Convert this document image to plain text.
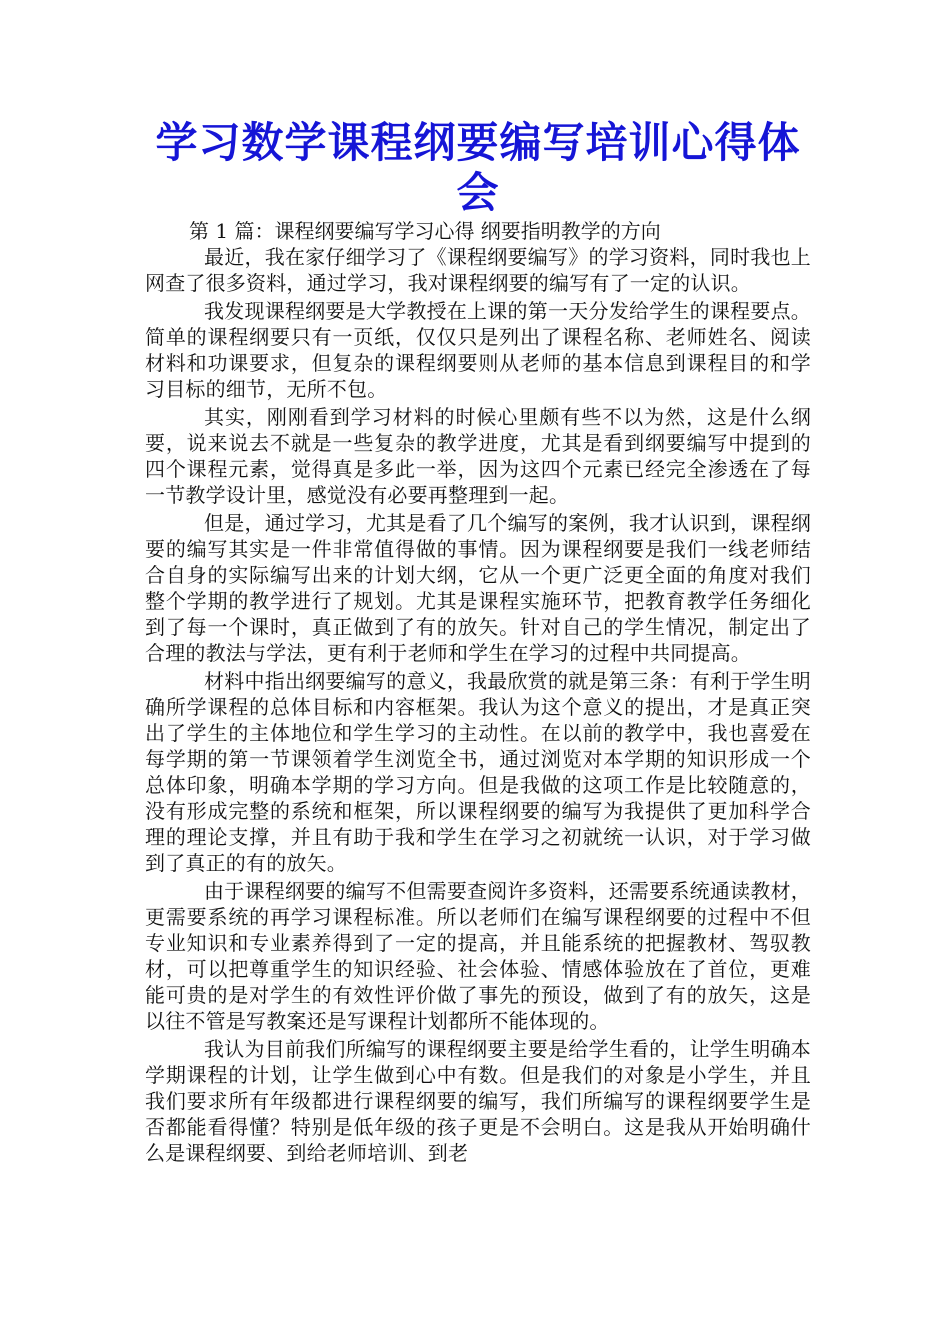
学习数学课程纲要编写培训心得体会

第 1 篇：课程纲要编写学习心得 纲要指明教学的方向

最近，我在家仔细学习了《课程纲要编写》的学习资料，同时我也上网查了很多资料，通过学习，我对课程纲要的编写有了一定的认识。

我发现课程纲要是大学教授在上课的第一天分发给学生的课程要点。简单的课程纲要只有一页纸，仅仅只是列出了课程名称、老师姓名、阅读材料和功课要求，但复杂的课程纲要则从老师的基本信息到课程目的和学习目标的细节，无所不包。

其实，刚刚看到学习材料的时候心里颇有些不以为然，这是什么纲要，说来说去不就是一些复杂的教学进度，尤其是看到纲要编写中提到的四个课程元素，觉得真是多此一举，因为这四个元素已经完全渗透在了每一节教学设计里，感觉没有必要再整理到一起。

但是，通过学习，尤其是看了几个编写的案例，我才认识到，课程纲要的编写其实是一件非常值得做的事情。因为课程纲要是我们一线老师结合自身的实际编写出来的计划大纲，它从一个更广泛更全面的角度对我们整个学期的教学进行了规划。尤其是课程实施环节，把教育教学任务细化到了每一个课时，真正做到了有的放矢。针对自己的学生情况，制定出了合理的教法与学法，更有利于老师和学生在学习的过程中共同提高。

材料中指出纲要编写的意义，我最欣赏的就是第三条：有利于学生明确所学课程的总体目标和内容框架。我认为这个意义的提出，才是真正突出了学生的主体地位和学生学习的主动性。在以前的教学中，我也喜爱在每学期的第一节课领着学生浏览全书，通过浏览对本学期的知识形成一个总体印象，明确本学期的学习方向。但是我做的这项工作是比较随意的，没有形成完整的系统和框架，所以课程纲要的编写为我提供了更加科学合理的理论支撑，并且有助于我和学生在学习之初就统一认识，对于学习做到了真正的有的放矢。

由于课程纲要的编写不但需要查阅许多资料，还需要系统通读教材，更需要系统的再学习课程标准。所以老师们在编写课程纲要的过程中不但专业知识和专业素养得到了一定的提高，并且能系统的把握教材、驾驭教材，可以把尊重学生的知识经验、社会体验、情感体验放在了首位，更难能可贵的是对学生的有效性评价做了事先的预设，做到了有的放矢，这是以往不管是写教案还是写课程计划都所不能体现的。

我认为目前我们所编写的课程纲要主要是给学生看的，让学生明确本学期课程的计划，让学生做到心中有数。但是我们的对象是小学生，并且我们要求所有年级都进行课程纲要的编写，我们所编写的课程纲要学生是否都能看得懂？特别是低年级的孩子更是不会明白。这是我从开始明确什么是课程纲要、到给老师培训、到老
